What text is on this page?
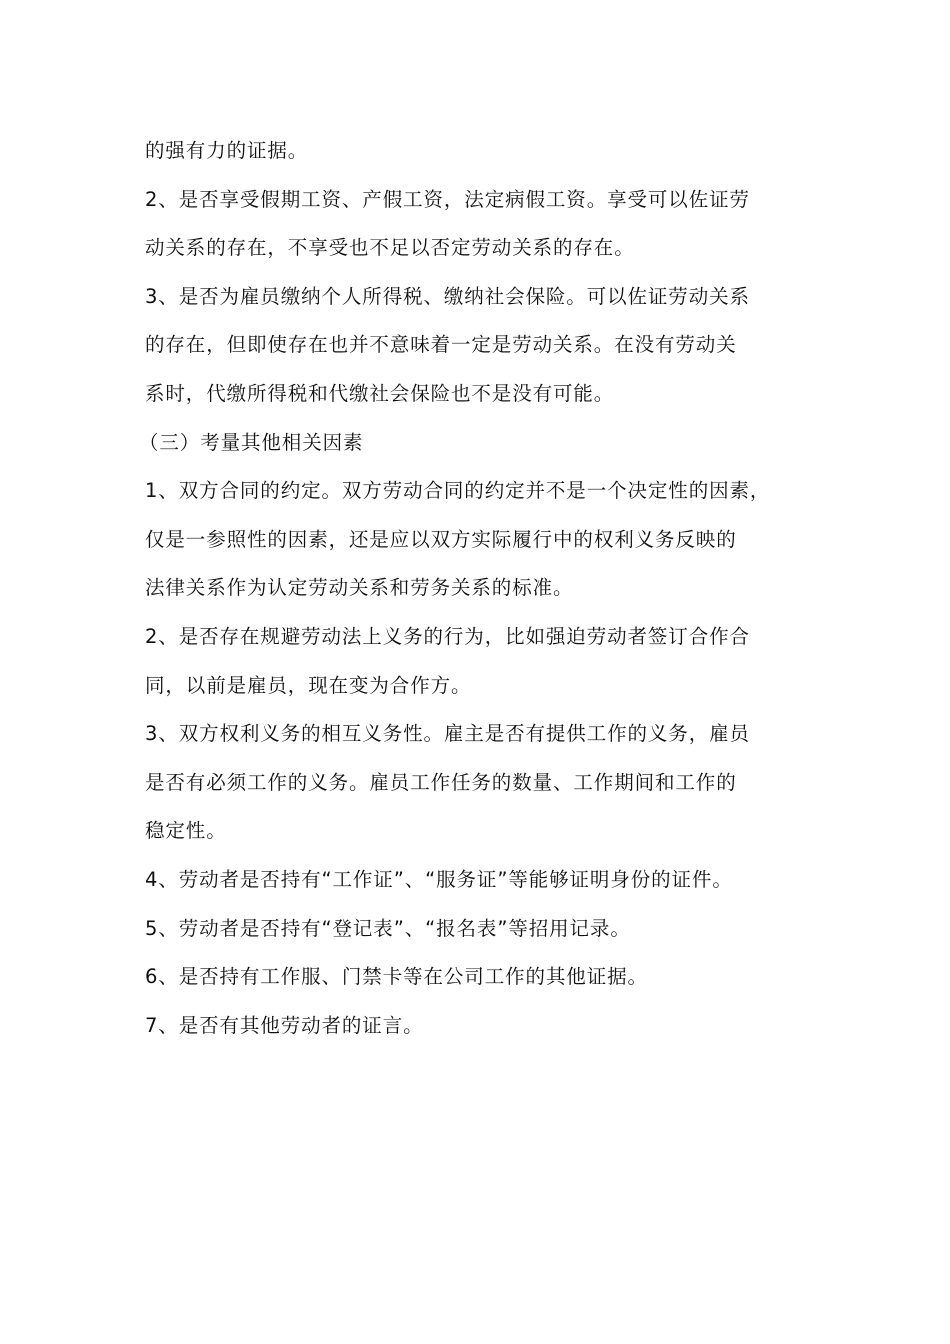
的强有力的证据。

2、是否享受假期工资、产假工资，法定病假工资。享受可以佐证劳
动关系的存在，不享受也不足以否定劳动关系的存在。

3、是否为雇员缴纳个人所得税、缴纳社会保险。可以佐证劳动关系
的存在，但即使存在也并不意味着一定是劳动关系。在没有劳动关
系时，代缴所得税和代缴社会保险也不是没有可能。

（三）考量其他相关因素

1、双方合同的约定。双方劳动合同的约定并不是一个决定性的因素，
仅是一参照性的因素，还是应以双方实际履行中的权利义务反映的
法律关系作为认定劳动关系和劳务关系的标准。

2、是否存在规避劳动法上义务的行为，比如强迫劳动者签订合作合
同，以前是雇员，现在变为合作方。

3、双方权利义务的相互义务性。雇主是否有提供工作的义务，雇员
是否有必须工作的义务。雇员工作任务的数量、工作期间和工作的
稳定性。

4、劳动者是否持有“工作证”、“服务证”等能够证明身份的证件。

5、劳动者是否持有“登记表”、“报名表”等招用记录。

6、是否持有工作服、门禁卡等在公司工作的其他证据。

7、是否有其他劳动者的证言。
